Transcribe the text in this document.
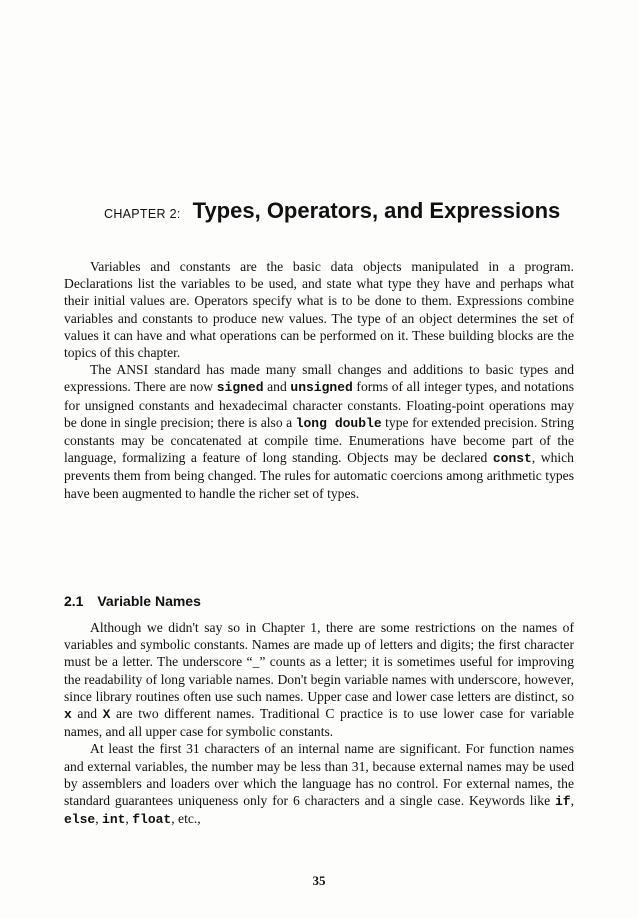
CHAPTER 2: Types, Operators, and Expressions

Variables and constants are the basic data objects manipulated in a program. Declarations list the variables to be used, and state what type they have and perhaps what their initial values are. Operators specify what is to be done to them. Expressions combine variables and constants to produce new values. The type of an object determines the set of values it can have and what operations can be performed on it. These building blocks are the topics of this chapter.

The ANSI standard has made many small changes and additions to basic types and expressions. There are now signed and unsigned forms of all integer types, and notations for unsigned constants and hexadecimal character constants. Floating-point operations may be done in single precision; there is also a long double type for extended precision. String constants may be concatenated at compile time. Enumerations have become part of the language, formalizing a feature of long standing. Objects may be declared const, which prevents them from being changed. The rules for automatic coercions among arithmetic types have been augmented to handle the richer set of types.

2.1 Variable Names

Although we didn't say so in Chapter 1, there are some restrictions on the names of variables and symbolic constants. Names are made up of letters and digits; the first character must be a letter. The underscore “_” counts as a letter; it is sometimes useful for improving the readability of long variable names. Don't begin variable names with underscore, however, since library routines often use such names. Upper case and lower case letters are distinct, so x and X are two different names. Traditional C practice is to use lower case for variable names, and all upper case for symbolic constants.

At least the first 31 characters of an internal name are significant. For function names and external variables, the number may be less than 31, because external names may be used by assemblers and loaders over which the language has no control. For external names, the standard guarantees uniqueness only for 6 characters and a single case. Keywords like if, else, int, float, etc.,

35
